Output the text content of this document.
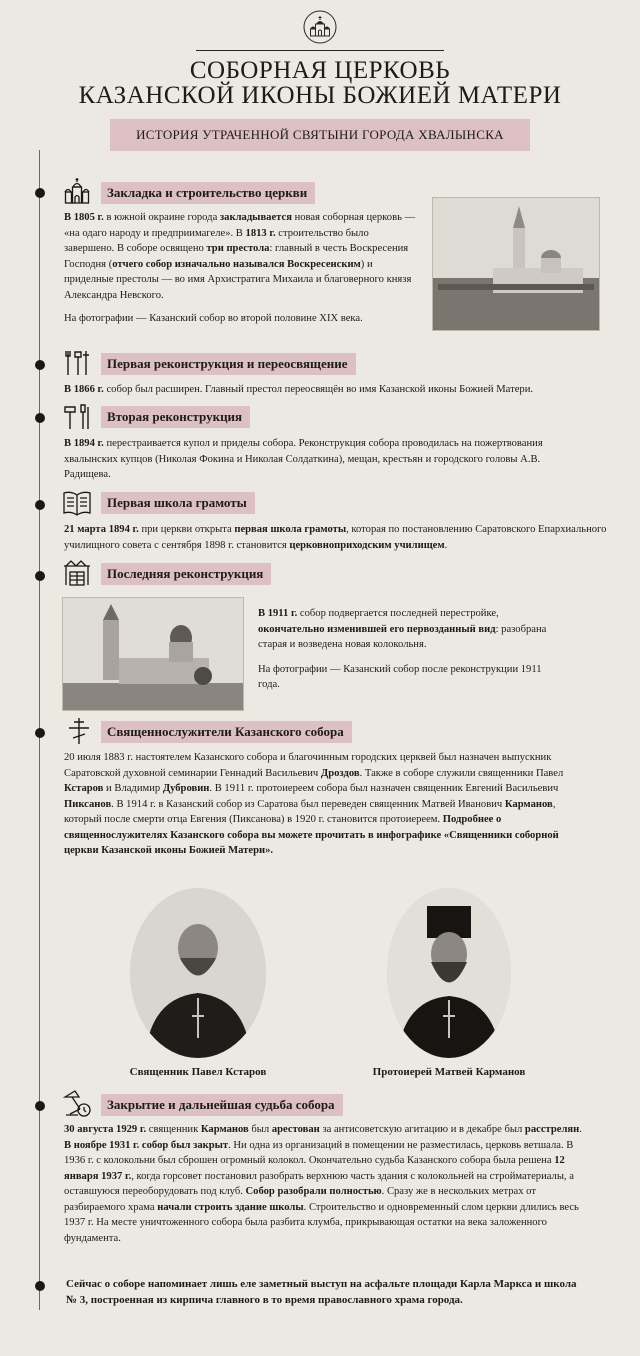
СОБОРНАЯ ЦЕРКОВЬ
КАЗАНСКОЙ ИКОНЫ БОЖИЕЙ МАТЕРИ
ИСТОРИЯ УТРАЧЕННОЙ СВЯТЫНИ ГОРОДА ХВАЛЫНСКА
Закладка и строительство церкви

В 1805 г. в южной окраине города закладывается новая соборная церковь — «на одаго народу и предприимагеле». В 1813 г. строительство было завершено. В соборе освящено три престола: главный в честь Воскресения Господня (отчего собор изначально назывался Воскресенским) и приделные престолы — во имя Архистратига Михаила и благоверного князя Александра Невского.

На фотографии — Казанский собор во второй половине XIX века.

Первая реконструкция и переосвящение

В 1866 г. собор был расширен. Главный престол переосвящён во имя Казанской иконы Божией Матери.

Вторая реконструкция

В 1894 г. перестраивается купол и приделы собора. Реконструкция собора проводилась на пожертвования хвалынских купцов (Николая Фокина и Николая Солдаткина), мещан, крестьян и городского головы А.В. Радищева.

Первая школа грамоты

21 марта 1894 г. при церкви открыта первая школа грамоты, которая по постановлению Саратовского Епархиального училищного совета с сентября 1898 г. становится церковноприходским училищем.

Последняя реконструкция

В 1911 г. собор подвергается последней перестройке, окончательно изменившей его первозданный вид: разобрана старая и возведена новая колокольня.

На фотографии — Казанский собор после реконструкции 1911 года.

Священнослужители Казанского собора

20 июля 1883 г. настоятелем Казанского собора и благочинным городских церквей был назначен выпускник Саратовской духовной семинарии Геннадий Васильевич Дроздов. Также в соборе служили священники Павел Кстаров и Владимир Дубровин. В 1911 г. протоиереем собора был назначен священник Евгений Васильевич Пиксанов. В 1914 г. в Казанский собор из Саратова был переведен священник Матвей Иванович Карманов, который после смерти отца Евгения (Пиксанова) в 1920 г. становится протоиереем. Подробнее о священнослужителях Казанского собора вы можете прочитать в инфографике «Священники соборной церкви Казанской иконы Божией Матери».

Священник Павел Кстаров	Протоиерей Матвей Карманов
Закрытие и дальнейшая судьба собора

30 августа 1929 г. священник Карманов был арестован за антисоветскую агитацию и в декабре был расстрелян. В ноябре 1931 г. собор был закрыт. Ни одна из организаций в помещении не разместилась, церковь ветшала. В 1936 г. с колокольни был сброшен огромный колокол. Окончательно судьба Казанского собора была решена 12 января 1937 г., когда горсовет постановил разобрать верхнюю часть здания с колокольней на стройматериалы, а оставшуюся переоборудовать под клуб. Собор разобрали полностью. Сразу же в нескольких метрах от разбираемого храма начали строить здание школы. Строительство и одновременный слом церкви длились весь 1937 г. На месте уничтоженного собора была разбита клумба, прикрывающая остатки на века заложенного фундамента.

Сейчас о соборе напоминает лишь еле заметный выступ на асфальте площади Карла Маркса и школа № 3, построенная из кирпича главного в то время православного храма города.
